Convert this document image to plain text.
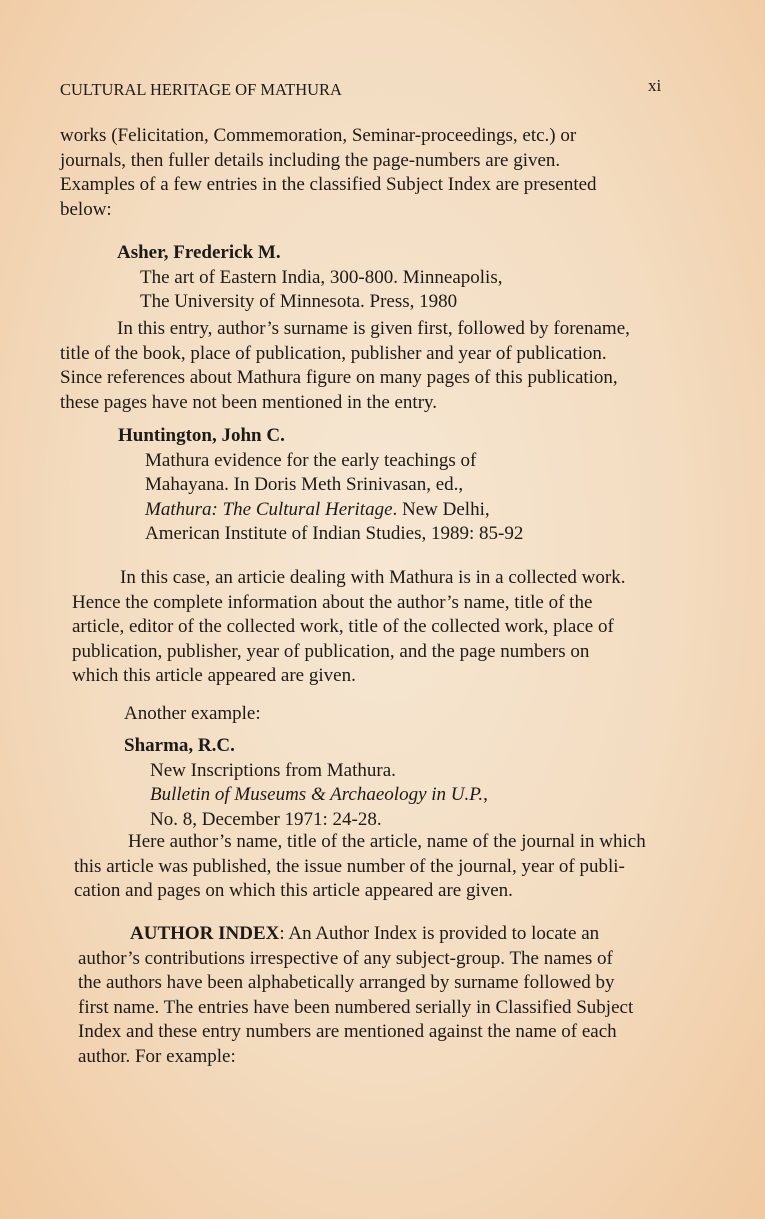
CULTURAL HERITAGE OF MATHURA	xi
works (Felicitation, Commemoration, Seminar-proceedings, etc.) or
journals, then fuller details including the page-numbers are given.
Examples of a few entries in the classified Subject Index are presented
below:
Asher, Frederick M.
The art of Eastern India, 300-800. Minneapolis,
The University of Minnesota. Press, 1980
In this entry, author’s surname is given first, followed by forename,
title of the book, place of publication, publisher and year of publication.
Since references about Mathura figure on many pages of this publication,
these pages have not been mentioned in the entry.
Huntington, John C.
Mathura evidence for the early teachings of
Mahayana. In Doris Meth Srinivasan, ed.,
Mathura: The Cultural Heritage. New Delhi,
American Institute of Indian Studies, 1989: 85-92
In this case, an articie dealing with Mathura is in a collected work.
Hence the complete information about the author’s name, title of the
article, editor of the collected work, title of the collected work, place of
publication, publisher, year of publication, and the page numbers on
which this article appeared are given.
Another example:
Sharma, R.C.
New Inscriptions from Mathura.
Bulletin of Museums & Archaeology in U.P.,
No. 8, December 1971: 24-28.
Here author’s name, title of the article, name of the journal in which
this article was published, the issue number of the journal, year of publi-
cation and pages on which this article appeared are given.
AUTHOR INDEX: An Author Index is provided to locate an
author’s contributions irrespective of any subject-group. The names of
the authors have been alphabetically arranged by surname followed by
first name. The entries have been numbered serially in Classified Subject
Index and these entry numbers are mentioned against the name of each
author. For example:
